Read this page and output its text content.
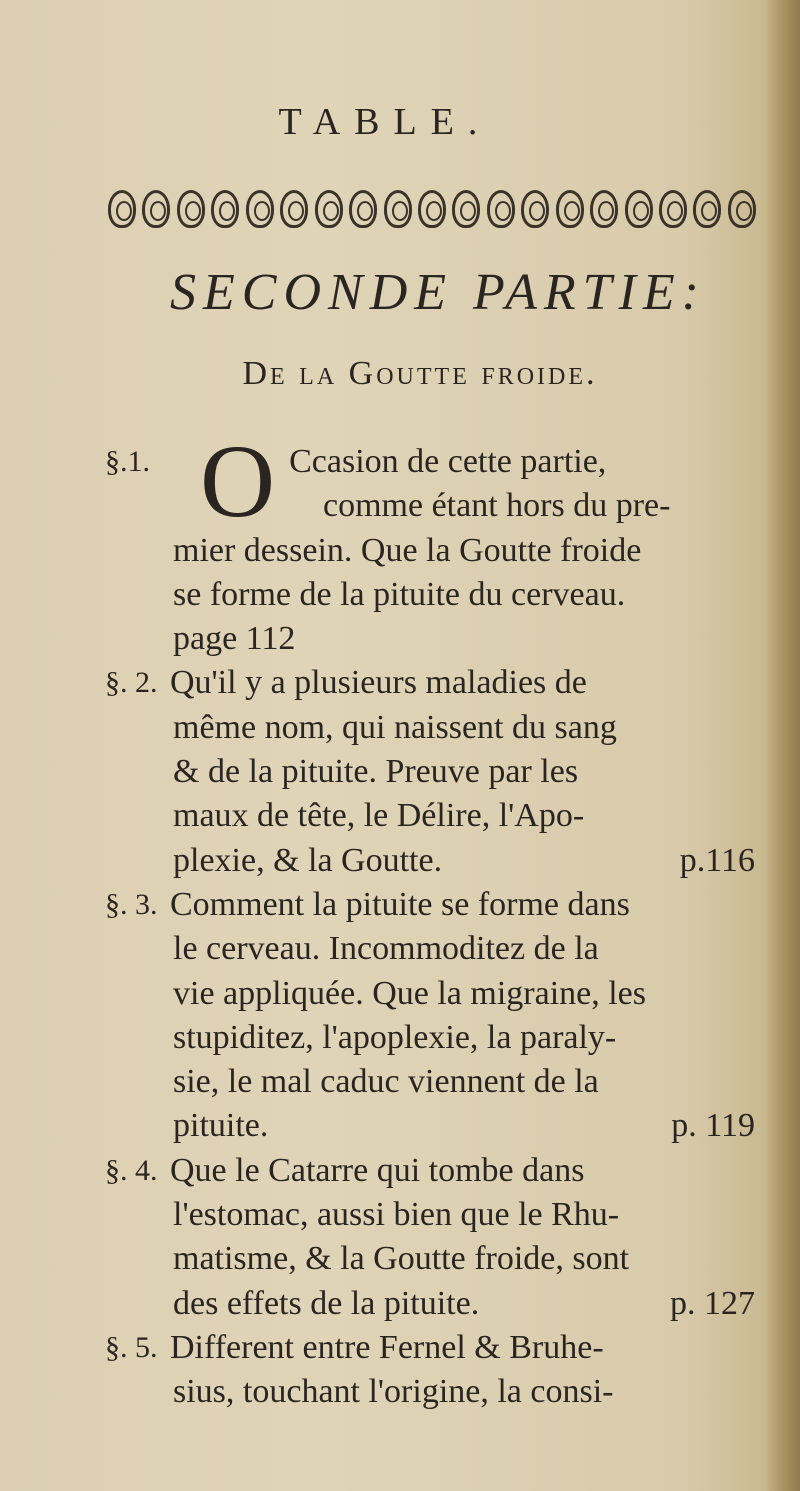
TABLE.
SECONDE PARTIE:
De la Goutte froide.
§.1. O Ccasion de cette partie,
comme étant hors du pre-
mier dessein. Que la Goutte froide
se forme de la pituite du cerveau.
page 112
§. 2. Qu'il y a plusieurs maladies de
même nom, qui naissent du sang
& de la pituite. Preuve par les
maux de tête, le Délire, l'Apo-
plexie, & la Goutte.	p.116
§. 3. Comment la pituite se forme dans
le cerveau. Incommoditez de la
vie appliquée. Que la migraine, les
stupiditez, l'apoplexie, la paraly-
sie, le mal caduc viennent de la
pituite.	p. 119
§. 4. Que le Catarre qui tombe dans
l'estomac, aussi bien que le Rhu-
matisme, & la Goutte froide, sont
des effets de la pituite.	p. 127
§. 5. Different entre Fernel & Bruhe-
sius, touchant l'origine, la consi-
